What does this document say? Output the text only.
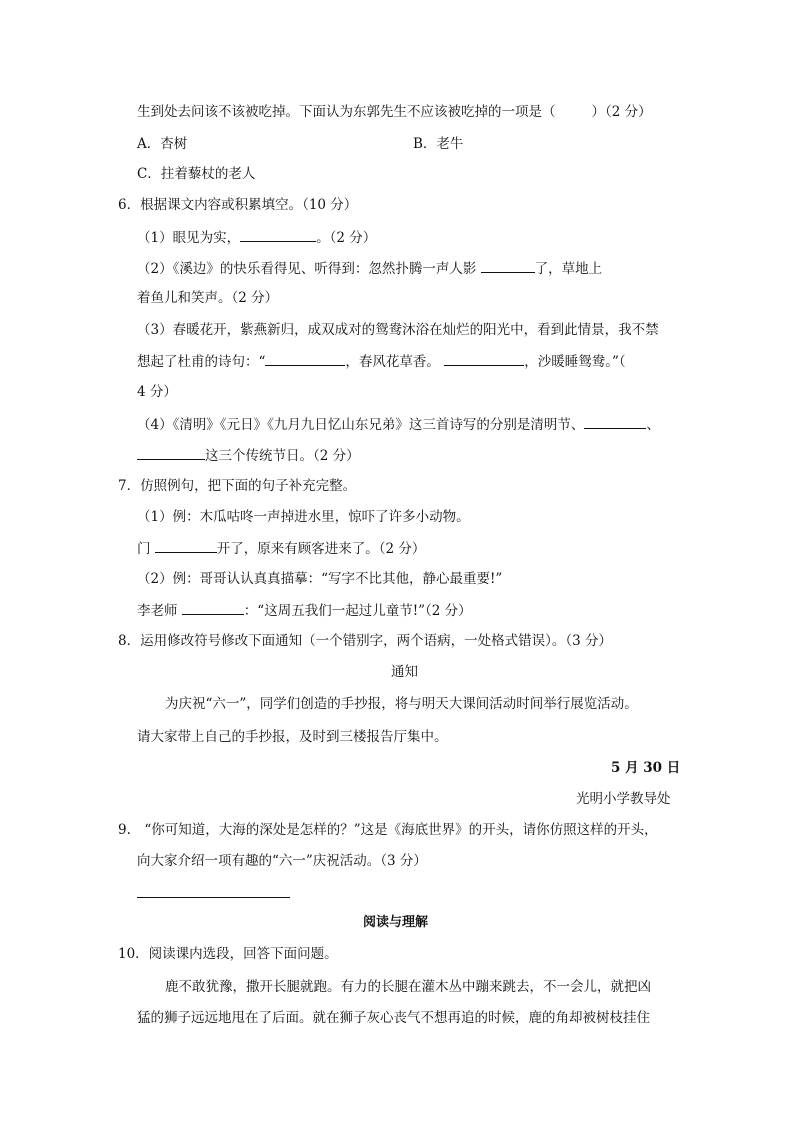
生到处去问该不该被吃掉。下面认为东郭先生不应该被吃掉的一项是（	）（2 分）
A．杏树	B．老牛
C．拄着藜杖的老人
6．根据课文内容或积累填空。（10 分）
（1）眼见为实，	。（2 分）
（2）《溪边》的快乐看得见、听得到：忽然扑腾一声人影	了，草地上
着鱼儿和笑声。（2 分）
（3）春暖花开，紫燕新归，成双成对的鸳鸯沐浴在灿烂的阳光中，看到此情景，我不禁
想起了杜甫的诗句：“	，春风花草香。	，沙暖睡鸳鸯。”（
4 分）
（4）《清明》《元日》《九月九日忆山东兄弟》这三首诗写的分别是清明节、	、
这三个传统节日。（2 分）
7．仿照例句，把下面的句子补充完整。
（1）例：木瓜咕咚一声掉进水里，惊吓了许多小动物。
门	开了，原来有顾客进来了。（2 分）
（2）例：哥哥认认真真描摹：“写字不比其他，静心最重要!”
李老师	：“这周五我们一起过儿童节!”（2 分）
8．运用修改符号修改下面通知（一个错别字，两个语病，一处格式错误）。（3 分）
通知
为庆祝“六一”，同学们创造的手抄报，将与明天大课间活动时间举行展览活动。
请大家带上自己的手抄报，及时到三楼报告厅集中。
5 月 30 日
光明小学教导处
9.　“你可知道，大海的深处是怎样的？”这是《海底世界》的开头，请你仿照这样的开头，
向大家介绍一项有趣的“六一”庆祝活动。（3 分）
阅读与理解
10．阅读课内选段，回答下面问题。
鹿不敢犹豫，撒开长腿就跑。有力的长腿在灌木丛中蹦来跳去，不一会儿，就把凶
猛的狮子远远地甩在了后面。就在狮子灰心丧气不想再追的时候，鹿的角却被树枝挂住
